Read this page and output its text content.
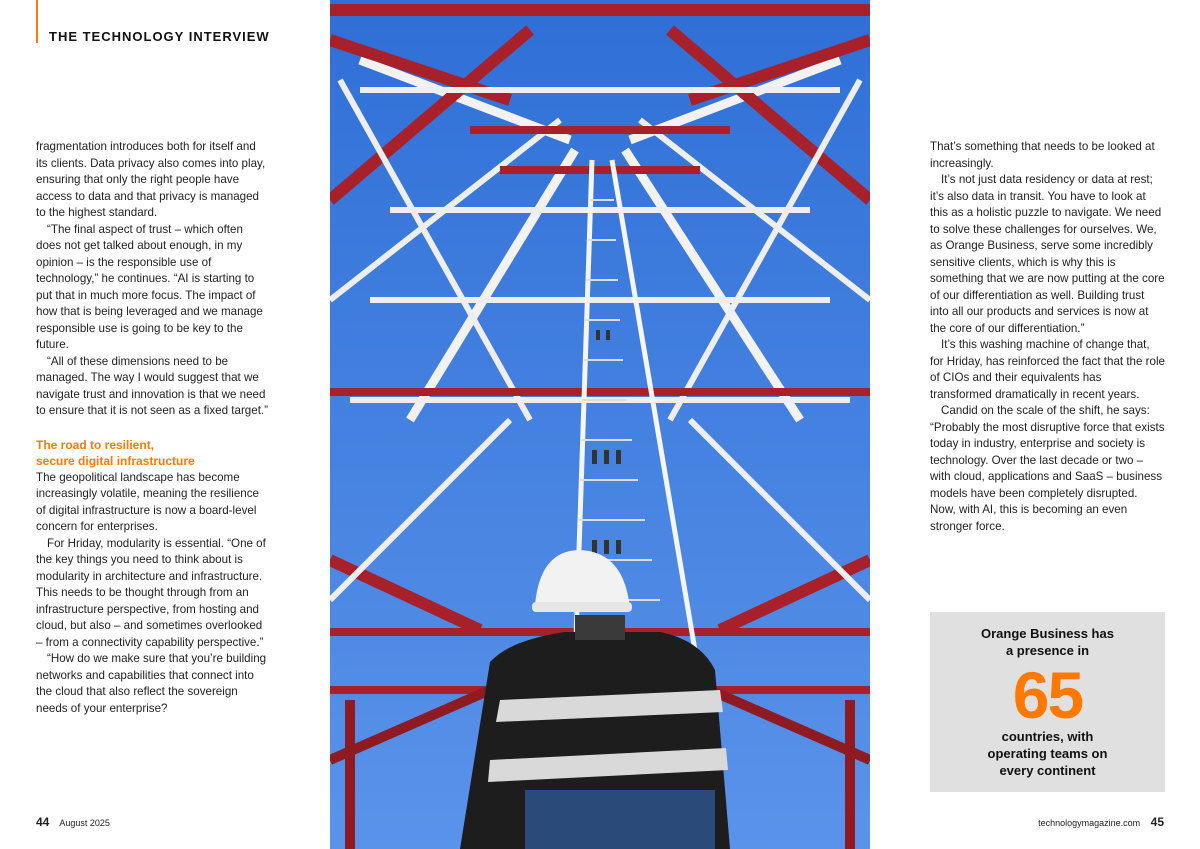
THE TECHNOLOGY INTERVIEW

fragmentation introduces both for itself and its clients. Data privacy also comes into play, ensuring that only the right people have access to data and that privacy is managed to the highest standard.

“The final aspect of trust – which often does not get talked about enough, in my opinion – is the responsible use of technology,” he continues. “AI is starting to put that in much more focus. The impact of how that is being leveraged and we manage responsible use is going to be key to the future.

“All of these dimensions need to be managed. The way I would suggest that we navigate trust and innovation is that we need to ensure that it is not seen as a fixed target.”

The road to resilient,
secure digital infrastructure

The geopolitical landscape has become increasingly volatile, meaning the resilience of digital infrastructure is now a board-level concern for enterprises.

For Hriday, modularity is essential. “One of the key things you need to think about is modularity in architecture and infrastructure. This needs to be thought through from an infrastructure perspective, from hosting and cloud, but also – and sometimes overlooked – from a connectivity capability perspective.”

“How do we make sure that you’re building networks and capabilities that connect into the cloud that also reflect the sovereign needs of your enterprise?

That’s something that needs to be looked at increasingly.

It’s not just data residency or data at rest; it’s also data in transit. You have to look at this as a holistic puzzle to navigate. We need to solve these challenges for ourselves. We, as Orange Business, serve some incredibly sensitive clients, which is why this is something that we are now putting at the core of our differentiation as well. Building trust into all our products and services is now at the core of our differentiation.”

It’s this washing machine of change that, for Hriday, has reinforced the fact that the role of CIOs and their equivalents has transformed dramatically in recent years.

Candid on the scale of the shift, he says: “Probably the most disruptive force that exists today in industry, enterprise and society is technology. Over the last decade or two – with cloud, applications and SaaS – business models have been completely disrupted. Now, with AI, this is becoming an even stronger force.

Orange Business has

a presence in

65

countries, with

operating teams on

every continent

44 August 2025	technologymagazine.com 45
